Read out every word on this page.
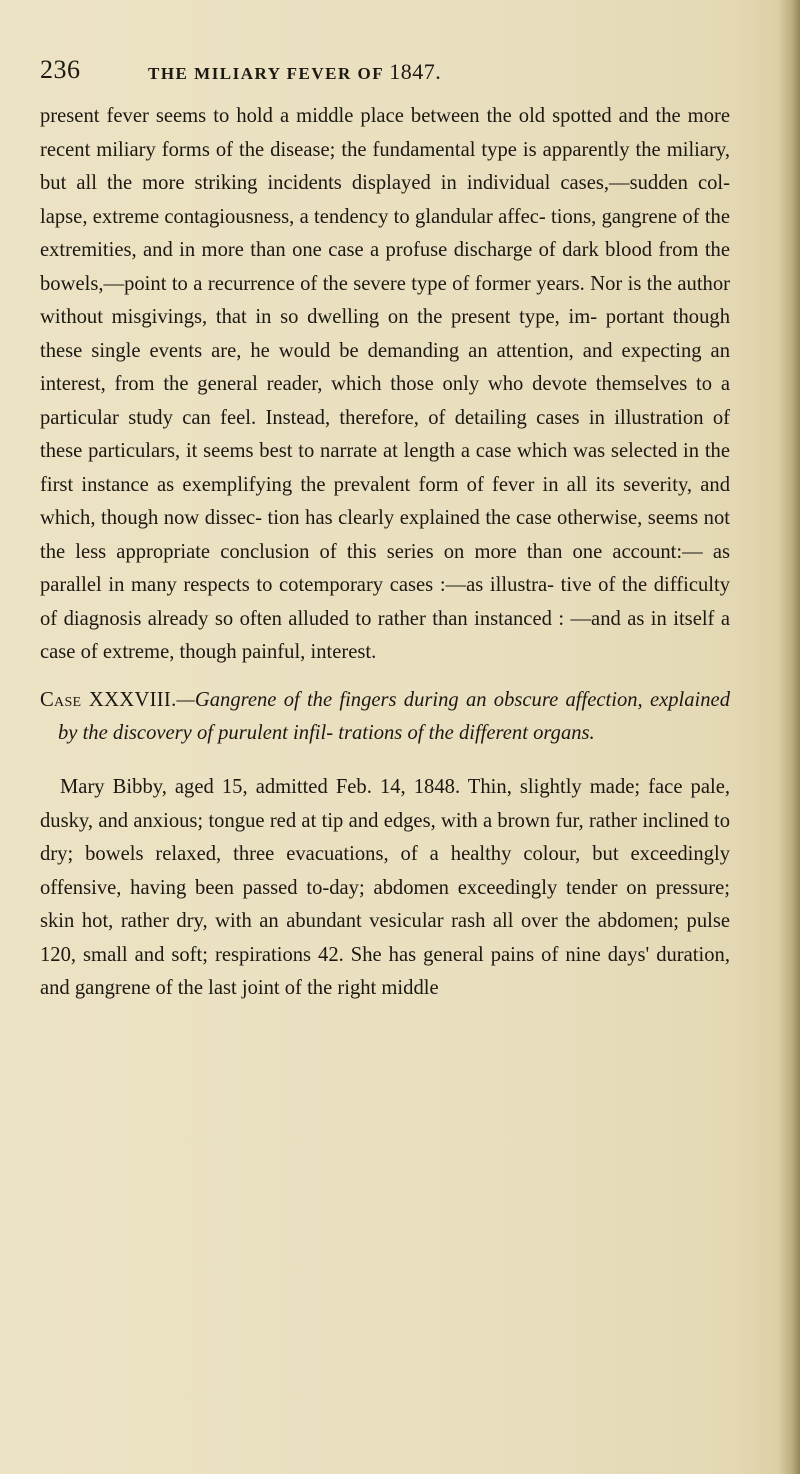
236	THE MILIARY FEVER OF 1847.

present fever seems to hold a middle place between the old spotted and the more recent miliary forms of the disease; the fundamental type is apparently the miliary, but all the more striking incidents displayed in individual cases,—sudden col- lapse, extreme contagiousness, a tendency to glandular affec- tions, gangrene of the extremities, and in more than one case a profuse discharge of dark blood from the bowels,—point to a recurrence of the severe type of former years. Nor is the author without misgivings, that in so dwelling on the present type, im- portant though these single events are, he would be demanding an attention, and expecting an interest, from the general reader, which those only who devote themselves to a particular study can feel. Instead, therefore, of detailing cases in illustration of these particulars, it seems best to narrate at length a case which was selected in the first instance as exemplifying the prevalent form of fever in all its severity, and which, though now dissec- tion has clearly explained the case otherwise, seems not the less appropriate conclusion of this series on more than one account:— as parallel in many respects to cotemporary cases :—as illustra- tive of the difficulty of diagnosis already so often alluded to rather than instanced : —and as in itself a case of extreme, though painful, interest.

Case XXXVIII.—Gangrene of the fingers during an obscure affection, explained by the discovery of purulent infil- trations of the different organs.

Mary Bibby, aged 15, admitted Feb. 14, 1848. Thin, slightly made; face pale, dusky, and anxious; tongue red at tip and edges, with a brown fur, rather inclined to dry; bowels relaxed, three evacuations, of a healthy colour, but exceedingly offensive, having been passed to-day; abdomen exceedingly tender on pressure; skin hot, rather dry, with an abundant vesicular rash all over the abdomen; pulse 120, small and soft; respirations 42. She has general pains of nine days' duration, and gangrene of the last joint of the right middle
